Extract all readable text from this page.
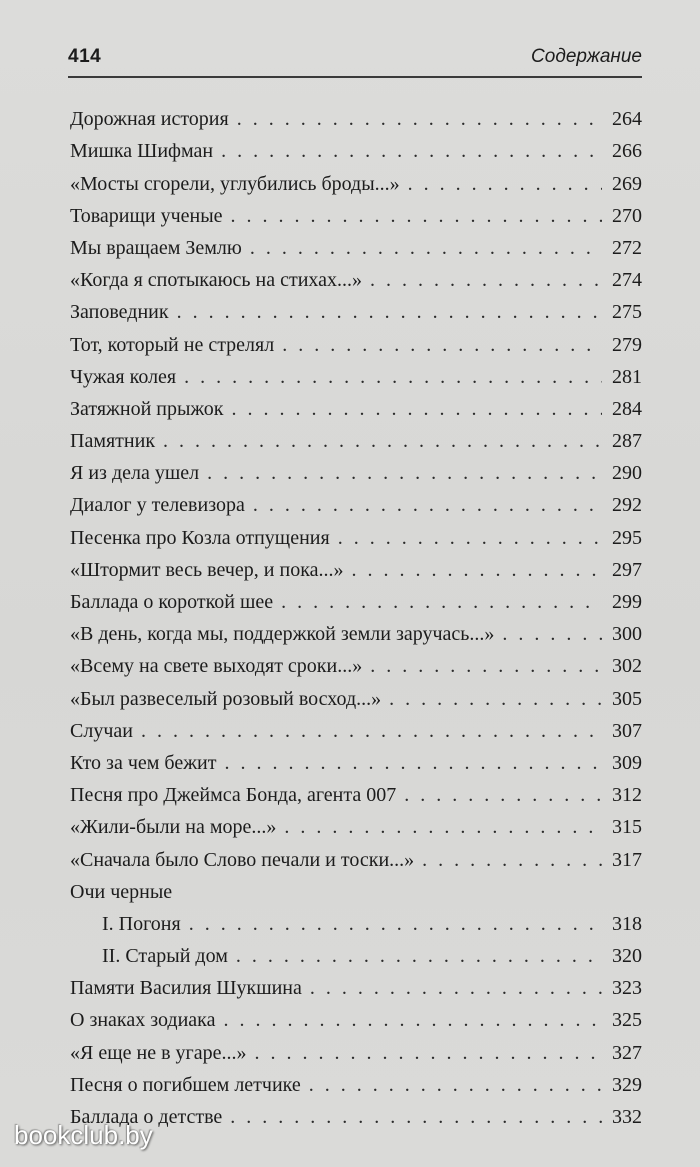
414	Содержание
Дорожная история . . .	264
Мишка Шифман . . .	266
«Мосты сгорели, углубились броды...» . . .	269
Товарищи ученые . . .	270
Мы вращаем Землю . . .	272
«Когда я спотыкаюсь на стихах...» . . .	274
Заповедник . . .	275
Тот, который не стрелял . . .	279
Чужая колея . . .	281
Затяжной прыжок . . .	284
Памятник . . .	287
Я из дела ушел . . .	290
Диалог у телевизора . . .	292
Песенка про Козла отпущения . . .	295
«Штормит весь вечер, и пока...» . . .	297
Баллада о короткой шее . . .	299
«В день, когда мы, поддержкой земли заручась...» . . .	300
«Всему на свете выходят сроки...» . . .	302
«Был развеселый розовый восход...» . . .	305
Случаи . . .	307
Кто за чем бежит . . .	309
Песня про Джеймса Бонда, агента 007 . . .	312
«Жили-были на море...» . . .	315
«Сначала было Слово печали и тоски...» . . .	317
Очи черные
I. Погоня . . .	318
II. Старый дом . . .	320
Памяти Василия Шукшина . . .	323
О знаках зодиака . . .	325
«Я еще не в угаре...» . . .	327
Песня о погибшем летчике . . .	329
Баллада о детстве . . .	332
bookclub.by
